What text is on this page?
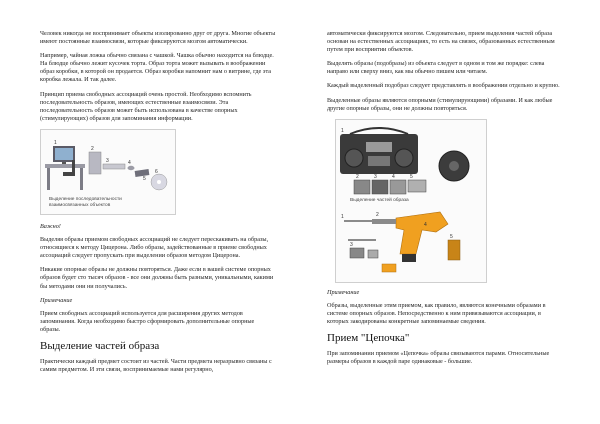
Человек никогда не воспринимает объекты изолированно друг от друга. Многие объекты имеют постоянные взаимосвязи, которые фиксируются мозгом автоматически.

Например, чайная ложка обычно связана с чашкой. Чашка обычно находится на блюдце. На блюдце обычно лежит кусочек торта. Образ торта может вызывать в воображении образ коробки, в которой он продается. Образ коробки напомнит нам о витрине, где эта коробка лежала. И так далее.

Принцип приема свободных ассоциаций очень простой. Необходимо вспомнить последовательность образов, имеющих естественные взаимосвязи. Эта последовательность образов может быть использована в качестве опорных (стимулирующих) образов для запоминания информации.

1
2
3	4
5
6
Выделение последовательности взаимосвязанных объектов

Важно!

Выделяя образы приемом свободных ассоциаций не следует перескакивать на образы, относящиеся к методу Цицерона. Либо образы, задействованные в приеме свободных ассоциаций следует пропускать при выделении образов методом Цицерона.

Никакие опорные образы не должны повторяться. Даже если в вашей системе опорных образов будет сто тысяч образов - все они должны быть разными, уникальными, какими бы методами они ни получались.

Примечание

Прием свободных ассоциаций используется для расширения других методов запоминания. Когда необходимо быстро сформировать дополнительные опорные образы.

Выделение частей образа

Практически каждый предмет состоит из частей. Части предмета неразрывно связаны с самим предметом. И эти связи, воспринимаемые нами регулярно,

автоматически фиксируются мозгом. Следовательно, прием выделения частей образа основан на естественных ассоциациях, то есть на связях, образованных естественным путем при восприятии объектов.

Выделять образы (подобразы) из объекта следует в одном и том же порядке: слева направо или сверху вниз, как мы обычно пишем или читаем.

Каждый выделенный подобраз следует представлять в воображении отдельно и крупно.

Выделенные образы являются опорными (стимулирующими) образами. И как любые другие опорные образы, они не должны повторяться.

1
2	3	4	5
1	2
3
4
5
Выделение частей образа

Примечание

Образы, выделенные этим приемом, как правило, являются конечными образами в системе опорных образов. Непосредственно к ним привязываются ассоциации, в которых закодированы конкретные запоминаемые сведения.

Прием "Цепочка"

При запоминании приемом «Цепочка» образы связываются парами. Относительные размеры образов в каждой паре одинаковые - большие.
